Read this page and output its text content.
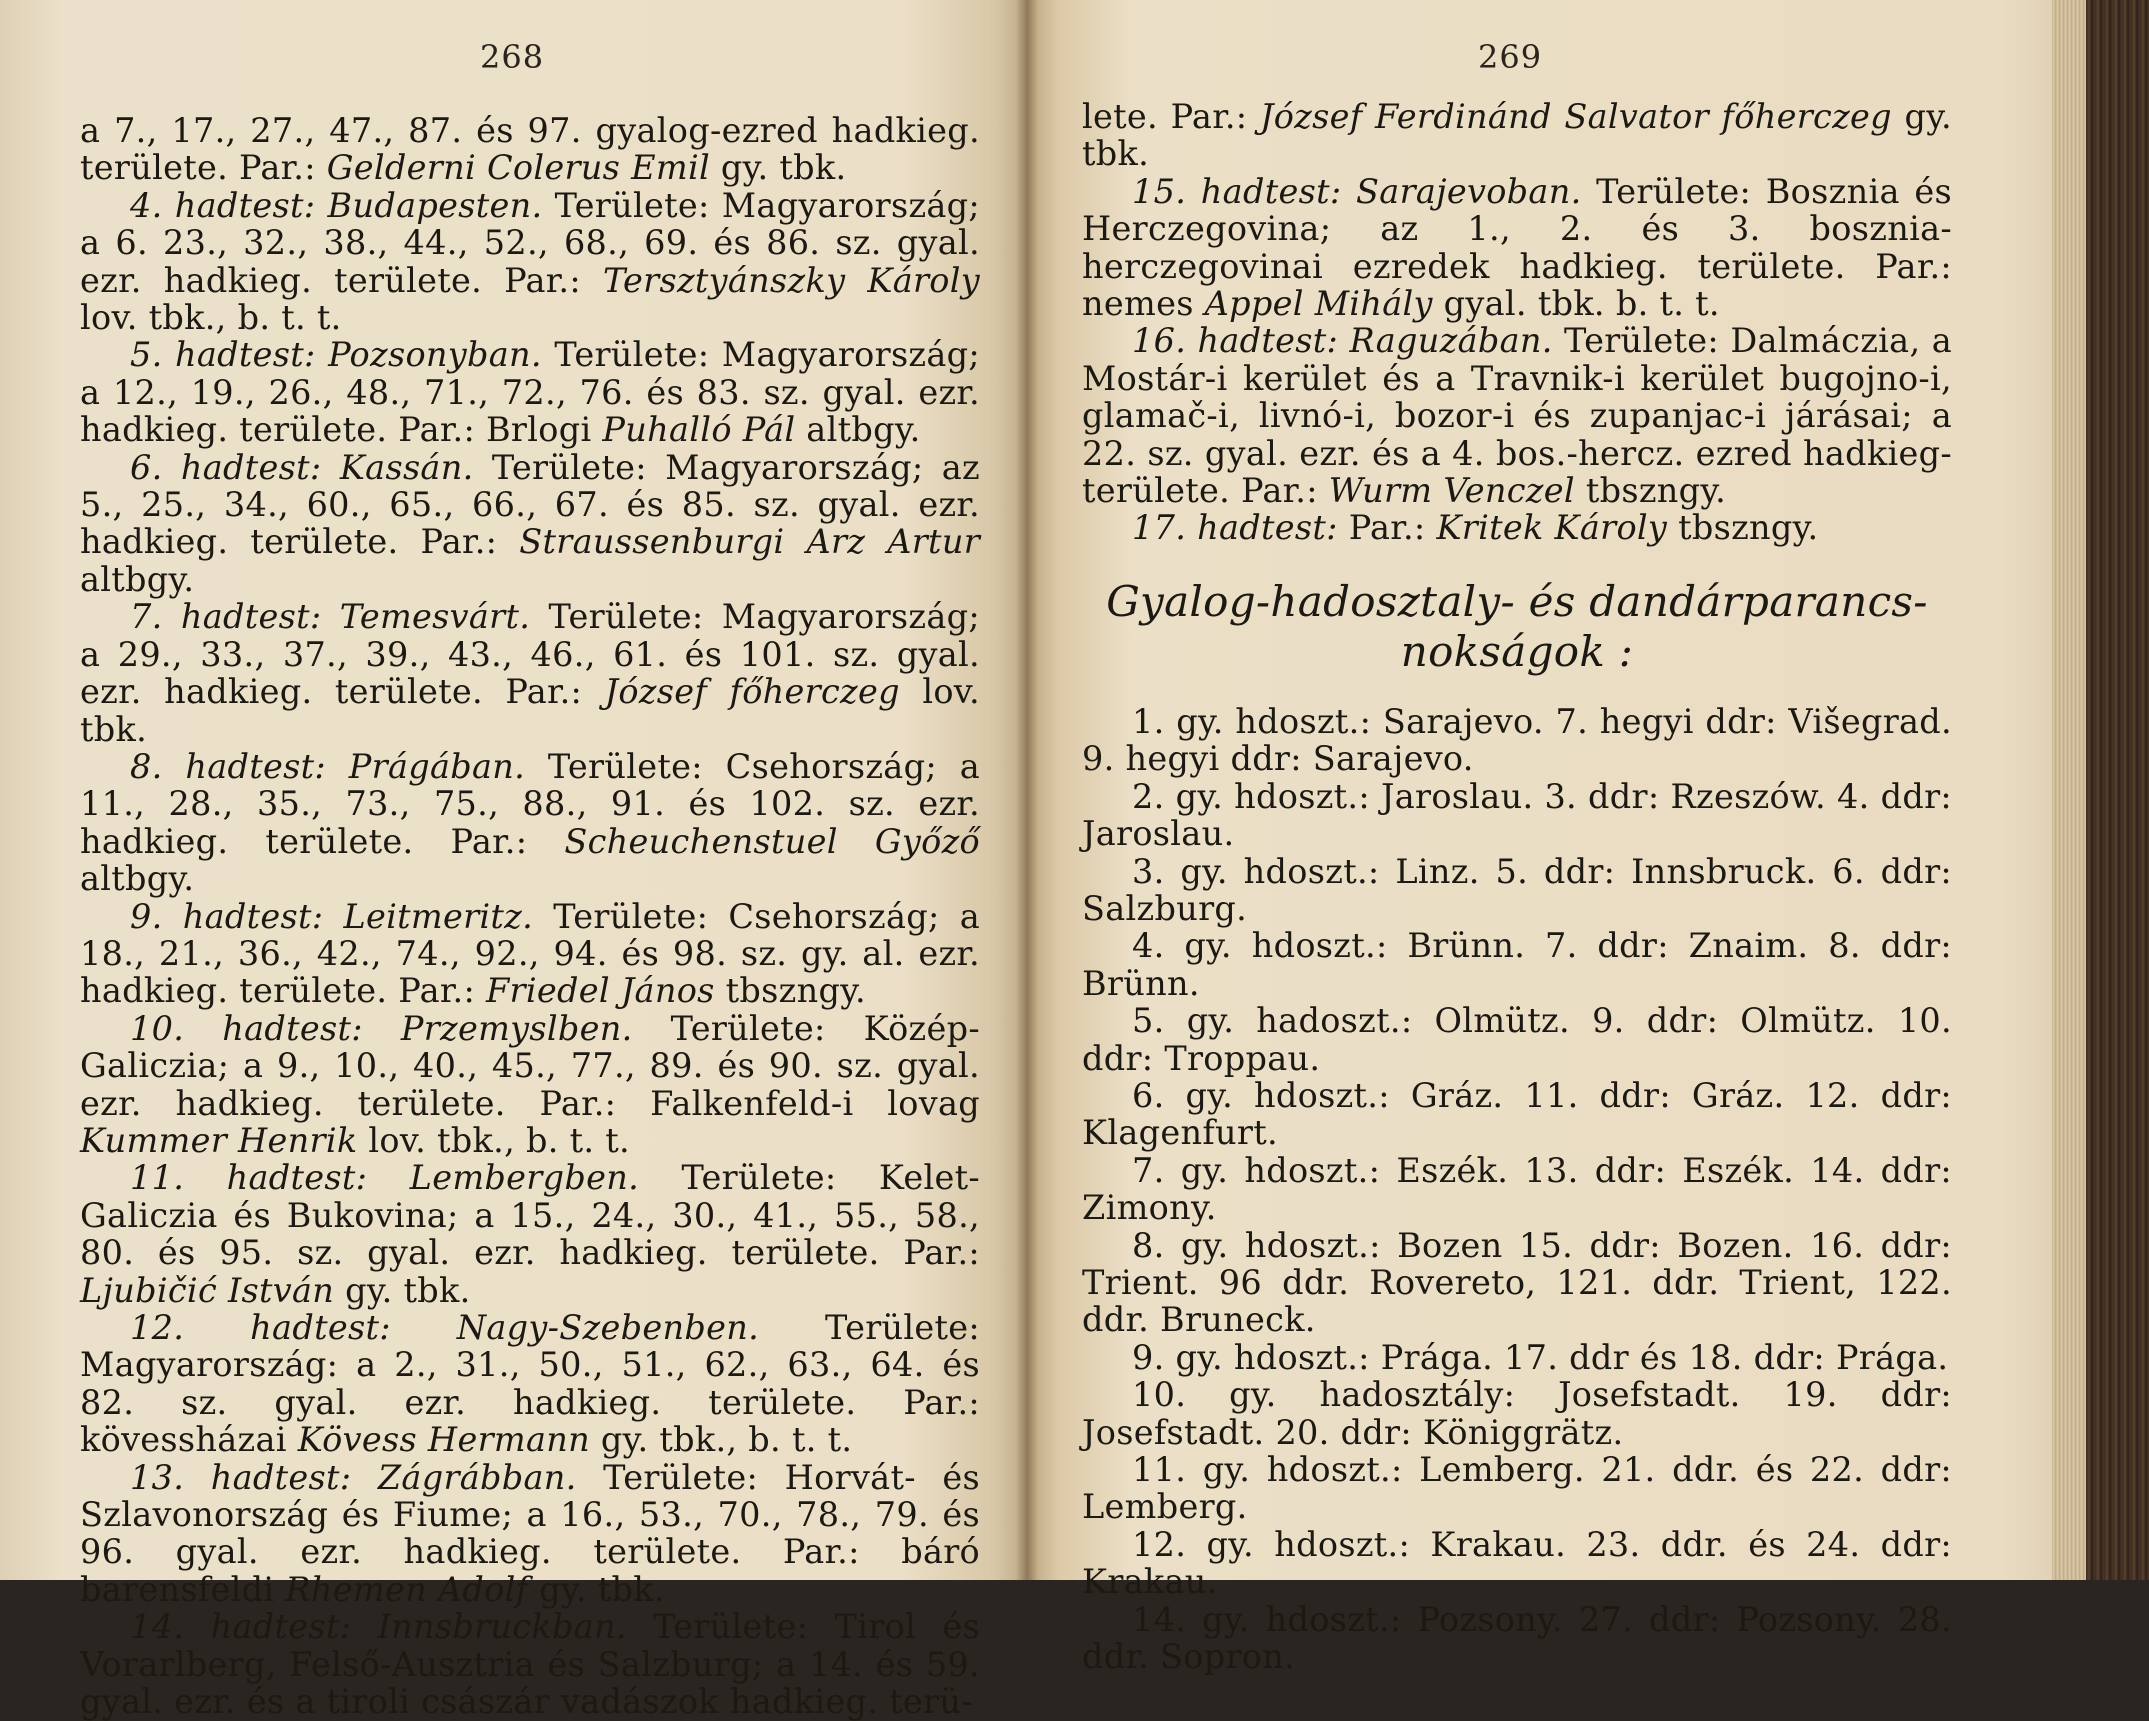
268

a 7., 17., 27., 47., 87. és 97. gyalog-ezred hadkieg. területe. Par.: Gelderni Colerus Emil gy. tbk.

4. hadtest: Budapesten. Területe: Magyarország; a 6. 23., 32., 38., 44., 52., 68., 69. és 86. sz. gyal. ezr. hadkieg. területe. Par.: Tersztyánszky Károly lov. tbk., b. t. t.

5. hadtest: Pozsonyban. Területe: Magyarország; a 12., 19., 26., 48., 71., 72., 76. és 83. sz. gyal. ezr. hadkieg. területe. Par.: Brlogi Puhalló Pál altbgy.

6. hadtest: Kassán. Területe: Magyarország; az 5., 25., 34., 60., 65., 66., 67. és 85. sz. gyal. ezr. hadkieg. területe. Par.: Straussenburgi Arz Artur altbgy.

7. hadtest: Temesvárt. Területe: Magyarország; a 29., 33., 37., 39., 43., 46., 61. és 101. sz. gyal. ezr. hadkieg. területe. Par.: József főherczeg lov. tbk.

8. hadtest: Prágában. Területe: Csehország; a 11., 28., 35., 73., 75., 88., 91. és 102. sz. ezr. hadkieg. területe. Par.: Scheuchenstuel Győző altbgy.

9. hadtest: Leitmeritz. Területe: Csehország; a 18., 21., 36., 42., 74., 92., 94. és 98. sz. gy. al. ezr. hadkieg. területe. Par.: Friedel János tbszngy.

10. hadtest: Przemyslben. Területe: Közép-Galiczia; a 9., 10., 40., 45., 77., 89. és 90. sz. gyal. ezr. hadkieg. területe. Par.: Falkenfeld-i lovag Kummer Henrik lov. tbk., b. t. t.

11. hadtest: Lembergben. Területe: Kelet-Galiczia és Bukovina; a 15., 24., 30., 41., 55., 58., 80. és 95. sz. gyal. ezr. hadkieg. területe. Par.: Ljubičić István gy. tbk.

12. hadtest: Nagy-Szebenben. Területe: Magyarország: a 2., 31., 50., 51., 62., 63., 64. és 82. sz. gyal. ezr. hadkieg. területe. Par.: kövessházai Kövess Hermann gy. tbk., b. t. t.

13. hadtest: Zágrábban. Területe: Horvát- és Szlavonország és Fiume; a 16., 53., 70., 78., 79. és 96. gyal. ezr. hadkieg. területe. Par.: báró barensfeldi Rhemen Adolf gy. tbk.

14. hadtest: Innsbruckban. Területe: Tirol és Vorarlberg, Felső-Ausztria és Salzburg; a 14. és 59. gyal. ezr. és a tiroli császár vadászok hadkieg. terü-

269

lete. Par.: József Ferdinánd Salvator főherczeg gy. tbk.

15. hadtest: Sarajevoban. Területe: Bosznia és Herczegovina; az 1., 2. és 3. bosznia-herczegovinai ezredek hadkieg. területe. Par.: nemes Appel Mihály gyal. tbk. b. t. t.

16. hadtest: Raguzában. Területe: Dalmáczia, a Mostár-i kerület és a Travnik-i kerület bugojno-i, glamač-i, livnó-i, bozor-i és zupanjac-i járásai; a 22. sz. gyal. ezr. és a 4. bos.-hercz. ezred hadkieg-területe. Par.: Wurm Venczel tbszngy.

17. hadtest: Par.: Kritek Károly tbszngy.

Gyalog-hadosztaly- és dandárparancs-
nokságok :

1. gy. hdoszt.: Sarajevo. 7. hegyi ddr: Višegrad. 9. hegyi ddr: Sarajevo.

2. gy. hdoszt.: Jaroslau. 3. ddr: Rzeszów. 4. ddr: Jaroslau.

3. gy. hdoszt.: Linz. 5. ddr: Innsbruck. 6. ddr: Salzburg.

4. gy. hdoszt.: Brünn. 7. ddr: Znaim. 8. ddr: Brünn.

5. gy. hadoszt.: Olmütz. 9. ddr: Olmütz. 10. ddr: Troppau.

6. gy. hdoszt.: Gráz. 11. ddr: Gráz. 12. ddr: Klagenfurt.

7. gy. hdoszt.: Eszék. 13. ddr: Eszék. 14. ddr: Zimony.

8. gy. hdoszt.: Bozen 15. ddr: Bozen. 16. ddr: Trient. 96 ddr. Rovereto, 121. ddr. Trient, 122. ddr. Bruneck.

9. gy. hdoszt.: Prága. 17. ddr és 18. ddr: Prága.

10. gy. hadosztály: Josefstadt. 19. ddr: Josefstadt. 20. ddr: Königgrätz.

11. gy. hdoszt.: Lemberg. 21. ddr. és 22. ddr: Lemberg.

12. gy. hdoszt.: Krakau. 23. ddr. és 24. ddr: Krakau.

14. gy. hdoszt.: Pozsony. 27. ddr: Pozsony. 28. ddr. Sopron.
